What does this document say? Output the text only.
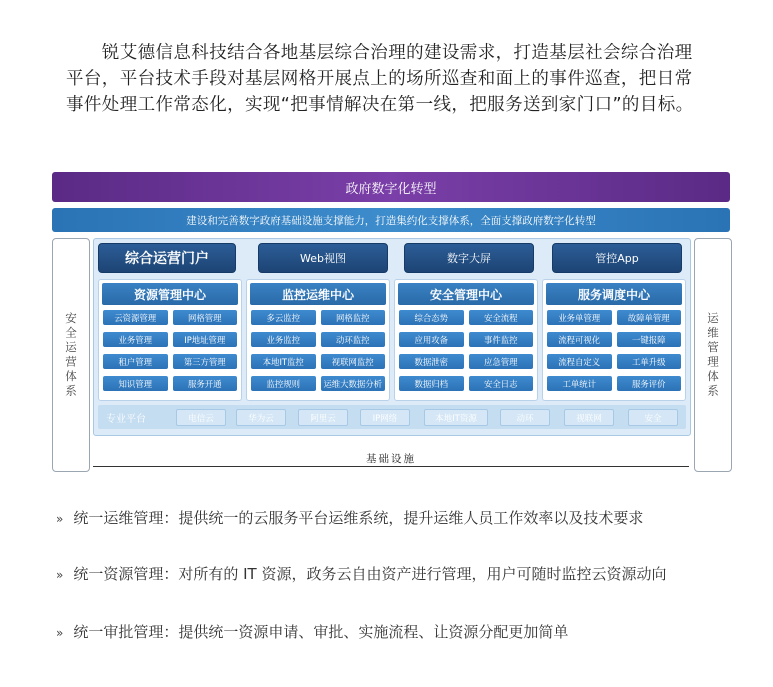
　　锐艾德信息科技结合各地基层综合治理的建设需求，打造基层社会综合治理平台，平台技术手段对基层网格开展点上的场所巡查和面上的事件巡查，把日常事件处理工作常态化，实现“把事情解决在第一线，把服务送到家门口”的目标。

政府数字化转型
建设和完善数字政府基础设施支撑能力，打造集约化支撑体系，全面支撑政府数字化转型
安全运营体系	运维管理体系
综合运营门户	Web视图	数字大屏	管控App
资源管理中心
云资源管理	网格管理
业务管理	IP地址管理
租户管理	第三方管理
知识管理	服务开通
监控运维中心
多云监控	网格监控
业务监控	动环监控
本地IT监控	视联网监控
监控规则	运维大数据分析
安全管理中心
综合态势	安全流程
应用攻备	事件监控
数据泄密	应急管理
数据归档	安全日志
服务调度中心
业务单管理	故障单管理
流程可视化	一键报障
流程自定义	工单升级
工单统计	服务评价
专业平台	电信云	华为云	阿里云	IP网络	本地IT资源	动环	视联网	安全
基础设施
» 统一运维管理：提供统一的云服务平台运维系统，提升运维人员工作效率以及技术要求
» 统一资源管理：对所有的 IT 资源，政务云自由资产进行管理，用户可随时监控云资源动向
» 统一审批管理：提供统一资源申请、审批、实施流程、让资源分配更加简单
